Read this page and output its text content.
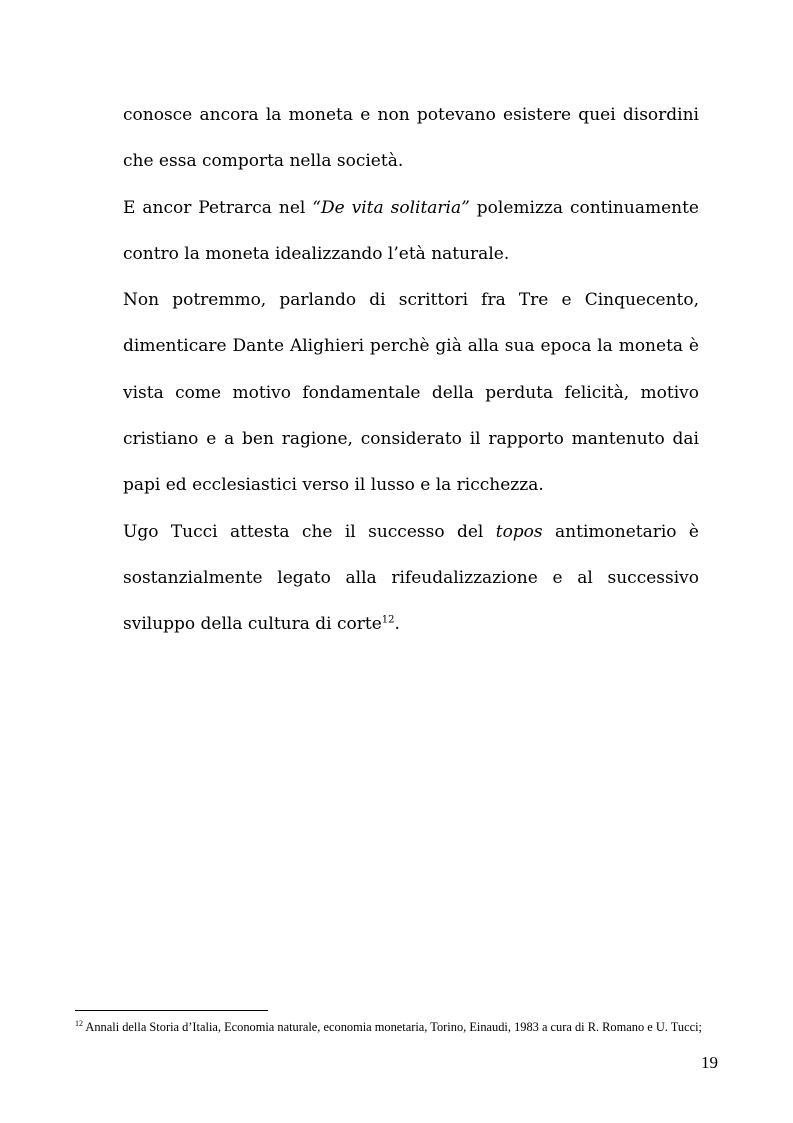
conosce ancora la moneta e non potevano esistere quei disordini che essa comporta nella società.

E ancor Petrarca nel “De vita solitaria” polemizza continuamente contro la moneta idealizzando l’età naturale.

Non potremmo, parlando di scrittori fra Tre e Cinquecento, dimenticare Dante Alighieri perchè già alla sua epoca la moneta è vista come motivo fondamentale della perduta felicità, motivo cristiano e a ben ragione, considerato il rapporto mantenuto dai papi ed ecclesiastici verso il lusso e la ricchezza.

Ugo Tucci attesta che il successo del topos antimonetario è sostanzialmente legato alla rifeudalizzazione e al successivo sviluppo della cultura di corte$^{12}$.

$^{12}$ Annali della Storia d’Italia, Economia naturale, economia monetaria, Torino, Einaudi, 1983 a cura di R. Romano e U. Tucci;

19
